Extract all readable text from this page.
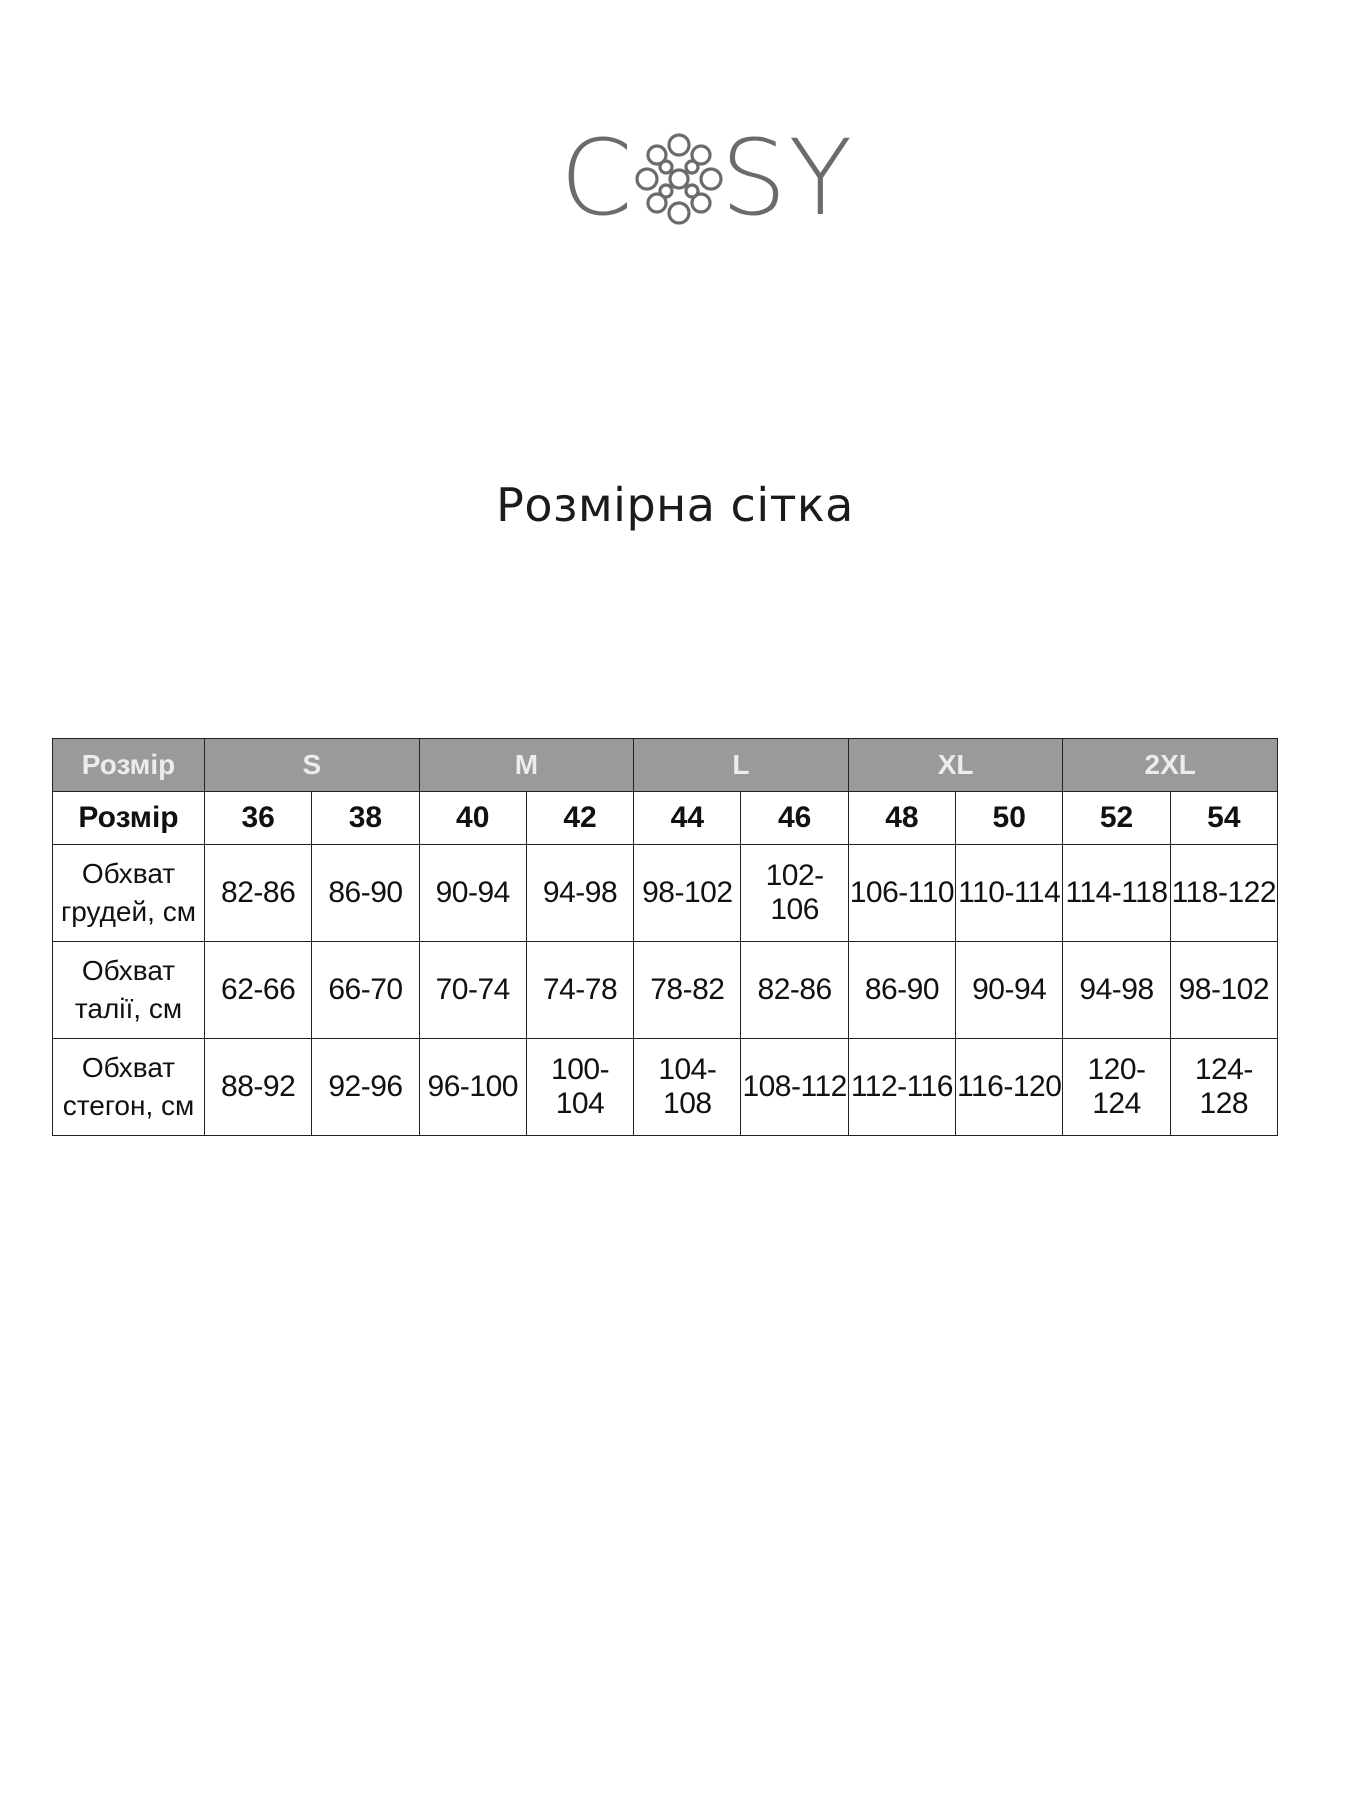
C SY
Розмірна сітка
Розмір	S		M		L		XL		2XL	
Розмір	36	38	40	42	44	46	48	50	52	54

Обхват
грудей, см	82-86	86-90	90-94	94-98	98-102	102-106	106-110	110-114	114-118	118-122

Обхват
талії, см	62-66	66-70	70-74	74-78	78-82	82-86	86-90	90-94	94-98	98-102

Обхват
стегон, см	88-92	92-96	96-100	100-104	104-108	108-112	112-116	116-120	120-124	124-128
